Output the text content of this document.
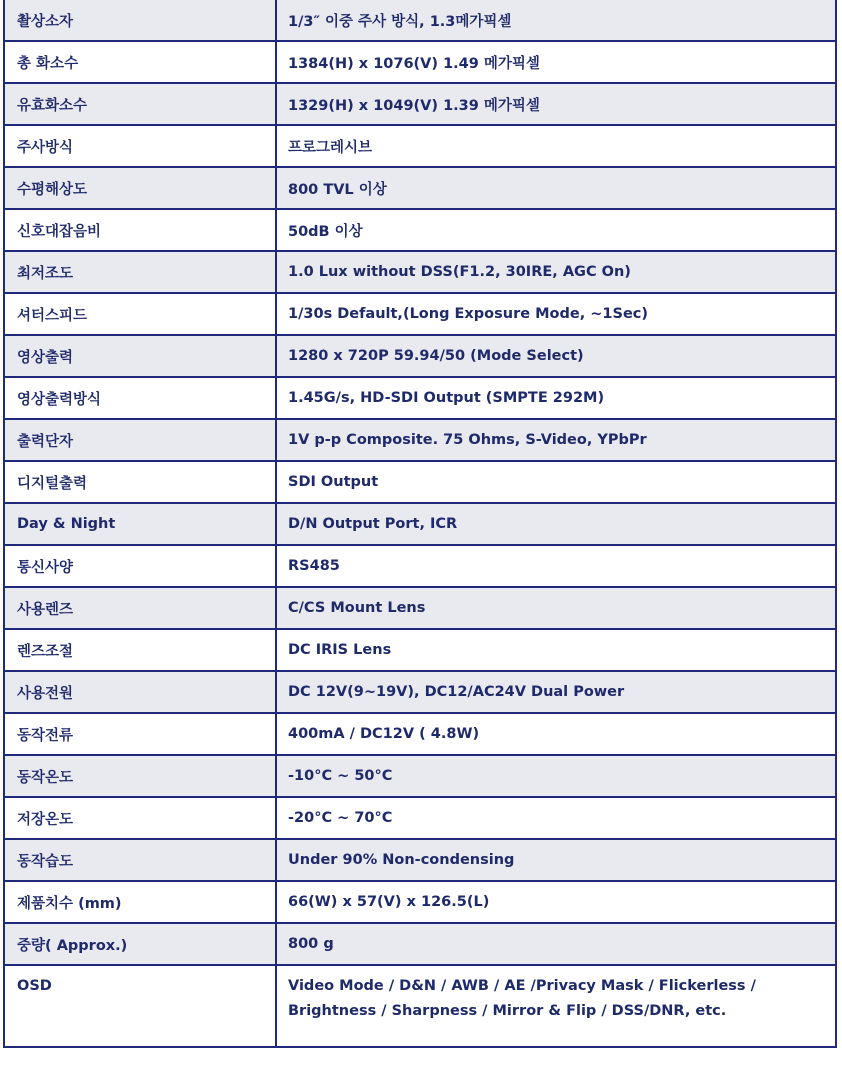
촬상소자	1/3″ 이중 주사 방식, 1.3메가픽셀
총 화소수	1384(H) x 1076(V) 1.49 메가픽셀
유효화소수	1329(H) x 1049(V) 1.39 메가픽셀
주사방식	프로그레시브
수평해상도	800 TVL 이상
신호대잡음비	50dB 이상
최저조도	1.0 Lux without DSS(F1.2, 30IRE, AGC On)
셔터스피드	1/30s Default,(Long Exposure Mode, ~1Sec)
영상출력	1280 x 720P 59.94/50 (Mode Select)
영상출력방식	1.45G/s, HD-SDI Output (SMPTE 292M)
출력단자	1V p-p Composite. 75 Ohms, S-Video, YPbPr
디지털출력	SDI Output
Day & Night	D/N Output Port, ICR
통신사양	RS485
사용렌즈	C/CS Mount Lens
렌즈조절	DC IRIS Lens
사용전원	DC 12V(9~19V), DC12/AC24V Dual Power
동작전류	400mA / DC12V ( 4.8W)
동작온도	-10°C ~ 50°C
저장온도	-20°C ~ 70°C
동작습도	Under 90% Non-condensing
제품치수 (mm)	66(W) x 57(V) x 126.5(L)
중량( Approx.)	800 g

OSD	Video Mode / D&N / AWB / AE /Privacy Mask / Flickerless /
Brightness / Sharpness / Mirror & Flip / DSS/DNR, etc.
